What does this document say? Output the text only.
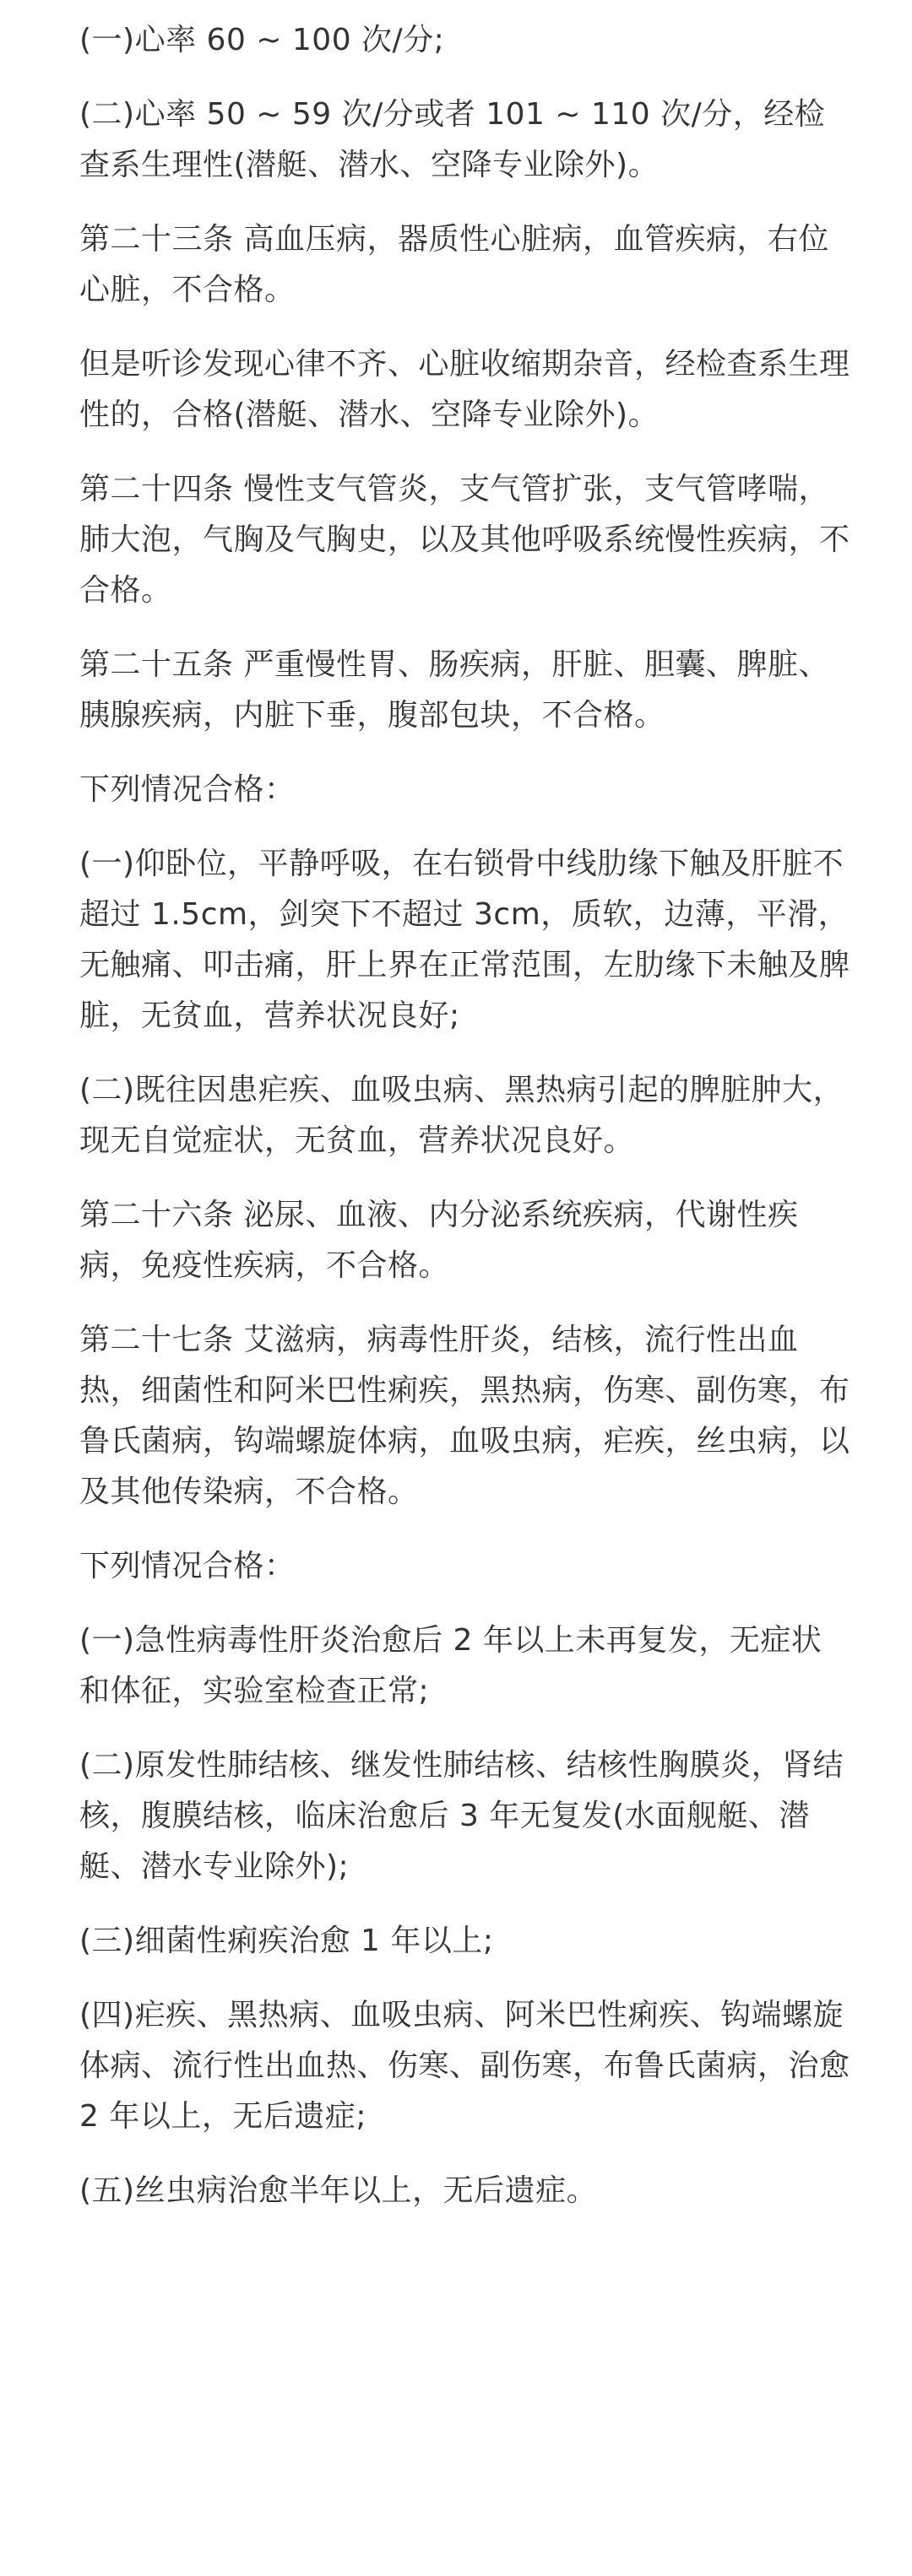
(一)心率 60 ~ 100 次/分;

(二)心率 50 ~ 59 次/分或者 101 ~ 110 次/分，经检查系生理性(潜艇、潜水、空降专业除外)。

第二十三条 高血压病，器质性心脏病，血管疾病，右位心脏，不合格。

但是听诊发现心律不齐、心脏收缩期杂音，经检查系生理性的，合格(潜艇、潜水、空降专业除外)。

第二十四条 慢性支气管炎，支气管扩张，支气管哮喘，肺大泡，气胸及气胸史，以及其他呼吸系统慢性疾病，不合格。

第二十五条 严重慢性胃、肠疾病，肝脏、胆囊、脾脏、胰腺疾病，内脏下垂，腹部包块，不合格。

下列情况合格：

(一)仰卧位，平静呼吸，在右锁骨中线肋缘下触及肝脏不超过 1.5cm，剑突下不超过 3cm，质软，边薄，平滑，无触痛、叩击痛，肝上界在正常范围，左肋缘下未触及脾脏，无贫血，营养状况良好;

(二)既往因患疟疾、血吸虫病、黑热病引起的脾脏肿大，现无自觉症状，无贫血，营养状况良好。

第二十六条 泌尿、血液、内分泌系统疾病，代谢性疾病，免疫性疾病，不合格。

第二十七条 艾滋病，病毒性肝炎，结核，流行性出血热，细菌性和阿米巴性痢疾，黑热病，伤寒、副伤寒，布鲁氏菌病，钩端螺旋体病，血吸虫病，疟疾，丝虫病，以及其他传染病，不合格。

下列情况合格：

(一)急性病毒性肝炎治愈后 2 年以上未再复发，无症状和体征，实验室检查正常;

(二)原发性肺结核、继发性肺结核、结核性胸膜炎，肾结核，腹膜结核，临床治愈后 3 年无复发(水面舰艇、潜艇、潜水专业除外);

(三)细菌性痢疾治愈 1 年以上;

(四)疟疾、黑热病、血吸虫病、阿米巴性痢疾、钩端螺旋体病、流行性出血热、伤寒、副伤寒，布鲁氏菌病，治愈 2 年以上，无后遗症;

(五)丝虫病治愈半年以上，无后遗症。
